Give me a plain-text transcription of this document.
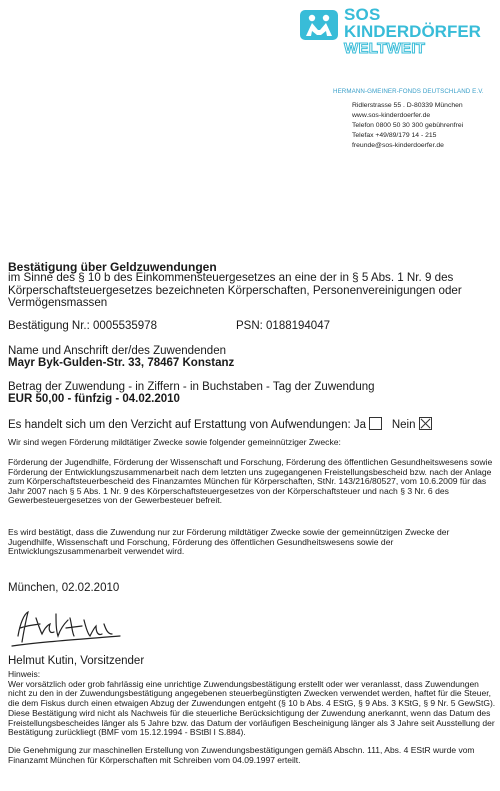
SOS
KINDERDÖRFER
WELTWEIT
HERMANN-GMEINER-FONDS DEUTSCHLAND E.V.
Ridlerstrasse 55 . D-80339 München
www.sos-kinderdoerfer.de
Telefon 0800 50 30 300 gebührenfrei
Telefax +49/89/179 14 - 215
freunde@sos-kinderdoerfer.de
Bestätigung über Geldzuwendungen
im Sinne des § 10 b des Einkommensteuergesetzes an eine der in § 5 Abs. 1 Nr. 9 des Körperschaftsteuergesetzes bezeichneten Körperschaften, Personenvereinigungen oder Vermögensmassen
Bestätigung Nr.: 0005535978	PSN: 0188194047
Name und Anschrift der/des Zuwendenden
Mayr Byk-Gulden-Str. 33, 78467 Konstanz
Betrag der Zuwendung - in Ziffern - in Buchstaben - Tag der Zuwendung
EUR 50,00 - fünfzig - 04.02.2010
Es handelt sich um den Verzicht auf Erstattung von Aufwendungen: Ja Nein
Wir sind wegen Förderung mildtätiger Zwecke sowie folgender gemeinnütziger Zwecke:
Förderung der Jugendhilfe, Förderung der Wissenschaft und Forschung, Förderung des öffentlichen Gesundheitswesens sowie Förderung der Entwicklungszusammenarbeit nach dem letzten uns zugegangenen Freistellungsbescheid bzw. nach der Anlage zum Körperschaftsteuerbescheid des Finanzamtes München für Körperschaften, StNr. 143/216/80527, vom 10.6.2009 für das Jahr 2007 nach § 5 Abs. 1 Nr. 9 des Körperschaftsteuergesetzes von der Körperschaftsteuer und nach § 3 Nr. 6 des Gewerbesteuergesetzes von der Gewerbesteuer befreit.
Es wird bestätigt, dass die Zuwendung nur zur Förderung mildtätiger Zwecke sowie der gemeinnützigen Zwecke der Jugendhilfe, Wissenschaft und Forschung, Förderung des öffentlichen Gesundheitswesens sowie der Entwicklungszusammenarbeit verwendet wird.
München, 02.02.2010
Helmut Kutin, Vorsitzender
Hinweis:
Wer vorsätzlich oder grob fahrlässig eine unrichtige Zuwendungsbestätigung erstellt oder wer veranlasst, dass Zuwendungen nicht zu den in der Zuwendungsbestätigung angegebenen steuerbegünstigten Zwecken verwendet werden, haftet für die Steuer, die dem Fiskus durch einen etwaigen Abzug der Zuwendungen entgeht (§ 10 b Abs. 4 EStG, § 9 Abs. 3 KStG, § 9 Nr. 5 GewStG).
Diese Bestätigung wird nicht als Nachweis für die steuerliche Berücksichtigung der Zuwendung anerkannt, wenn das Datum des Freistellungsbescheides länger als 5 Jahre bzw. das Datum der vorläufigen Bescheinigung länger als 3 Jahre seit Ausstellung der Bestätigung zurückliegt (BMF vom 15.12.1994 - BStBl I S.884).
Die Genehmigung zur maschinellen Erstellung von Zuwendungsbestätigungen gemäß Abschn. 111, Abs. 4 EStR wurde vom Finanzamt München für Körperschaften mit Schreiben vom 04.09.1997 erteilt.
